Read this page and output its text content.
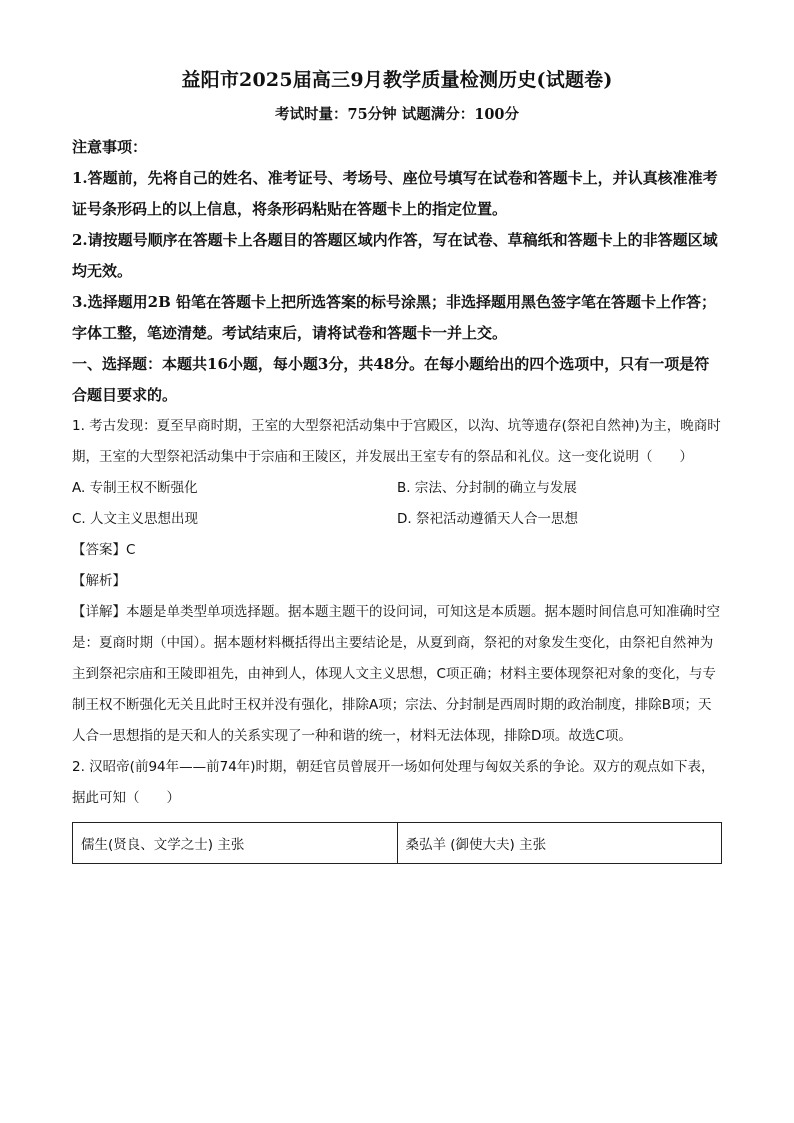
益阳市2025届高三9月教学质量检测历史(试题卷)
考试时量：75分钟 试题满分：100分

注意事项：

1.答题前，先将自己的姓名、准考证号、考场号、座位号填写在试卷和答题卡上，并认真核准准考证号条形码上的以上信息，将条形码粘贴在答题卡上的指定位置。

2.请按题号顺序在答题卡上各题目的答题区域内作答，写在试卷、草稿纸和答题卡上的非答题区域均无效。

3.选择题用2B 铅笔在答题卡上把所选答案的标号涂黑；非选择题用黑色签字笔在答题卡上作答；字体工整，笔迹清楚。考试结束后，请将试卷和答题卡一并上交。

一、选择题：本题共16小题，每小题3分，共48分。在每小题给出的四个选项中，只有一项是符合题目要求的。

1. 考古发现：夏至早商时期，王室的大型祭祀活动集中于宫殿区，以沟、坑等遗存(祭祀自然神)为主，晚商时期，王室的大型祭祀活动集中于宗庙和王陵区，并发展出王室专有的祭品和礼仪。这一变化说明（　　）

A. 专制王权不断强化	B. 宗法、分封制的确立与发展
C. 人文主义思想出现	D. 祭祀活动遵循天人合一思想
【答案】C
【解析】

【详解】本题是单类型单项选择题。据本题主题干的设问词，可知这是本质题。据本题时间信息可知准确时空是：夏商时期（中国）。据本题材料概括得出主要结论是，从夏到商，祭祀的对象发生变化，由祭祀自然神为主到祭祀宗庙和王陵即祖先，由神到人，体现人文主义思想，C项正确；材料主要体现祭祀对象的变化，与专制王权不断强化无关且此时王权并没有强化，排除A项；宗法、分封制是西周时期的政治制度，排除B项；天人合一思想指的是天和人的关系实现了一种和谐的统一，材料无法体现，排除D项。故选C项。

2. 汉昭帝(前94年——前74年)时期，朝廷官员曾展开一场如何处理与匈奴关系的争论。双方的观点如下表，据此可知（　　）

儒生(贤良、文学之士) 主张	桑弘羊 (御使大夫) 主张
